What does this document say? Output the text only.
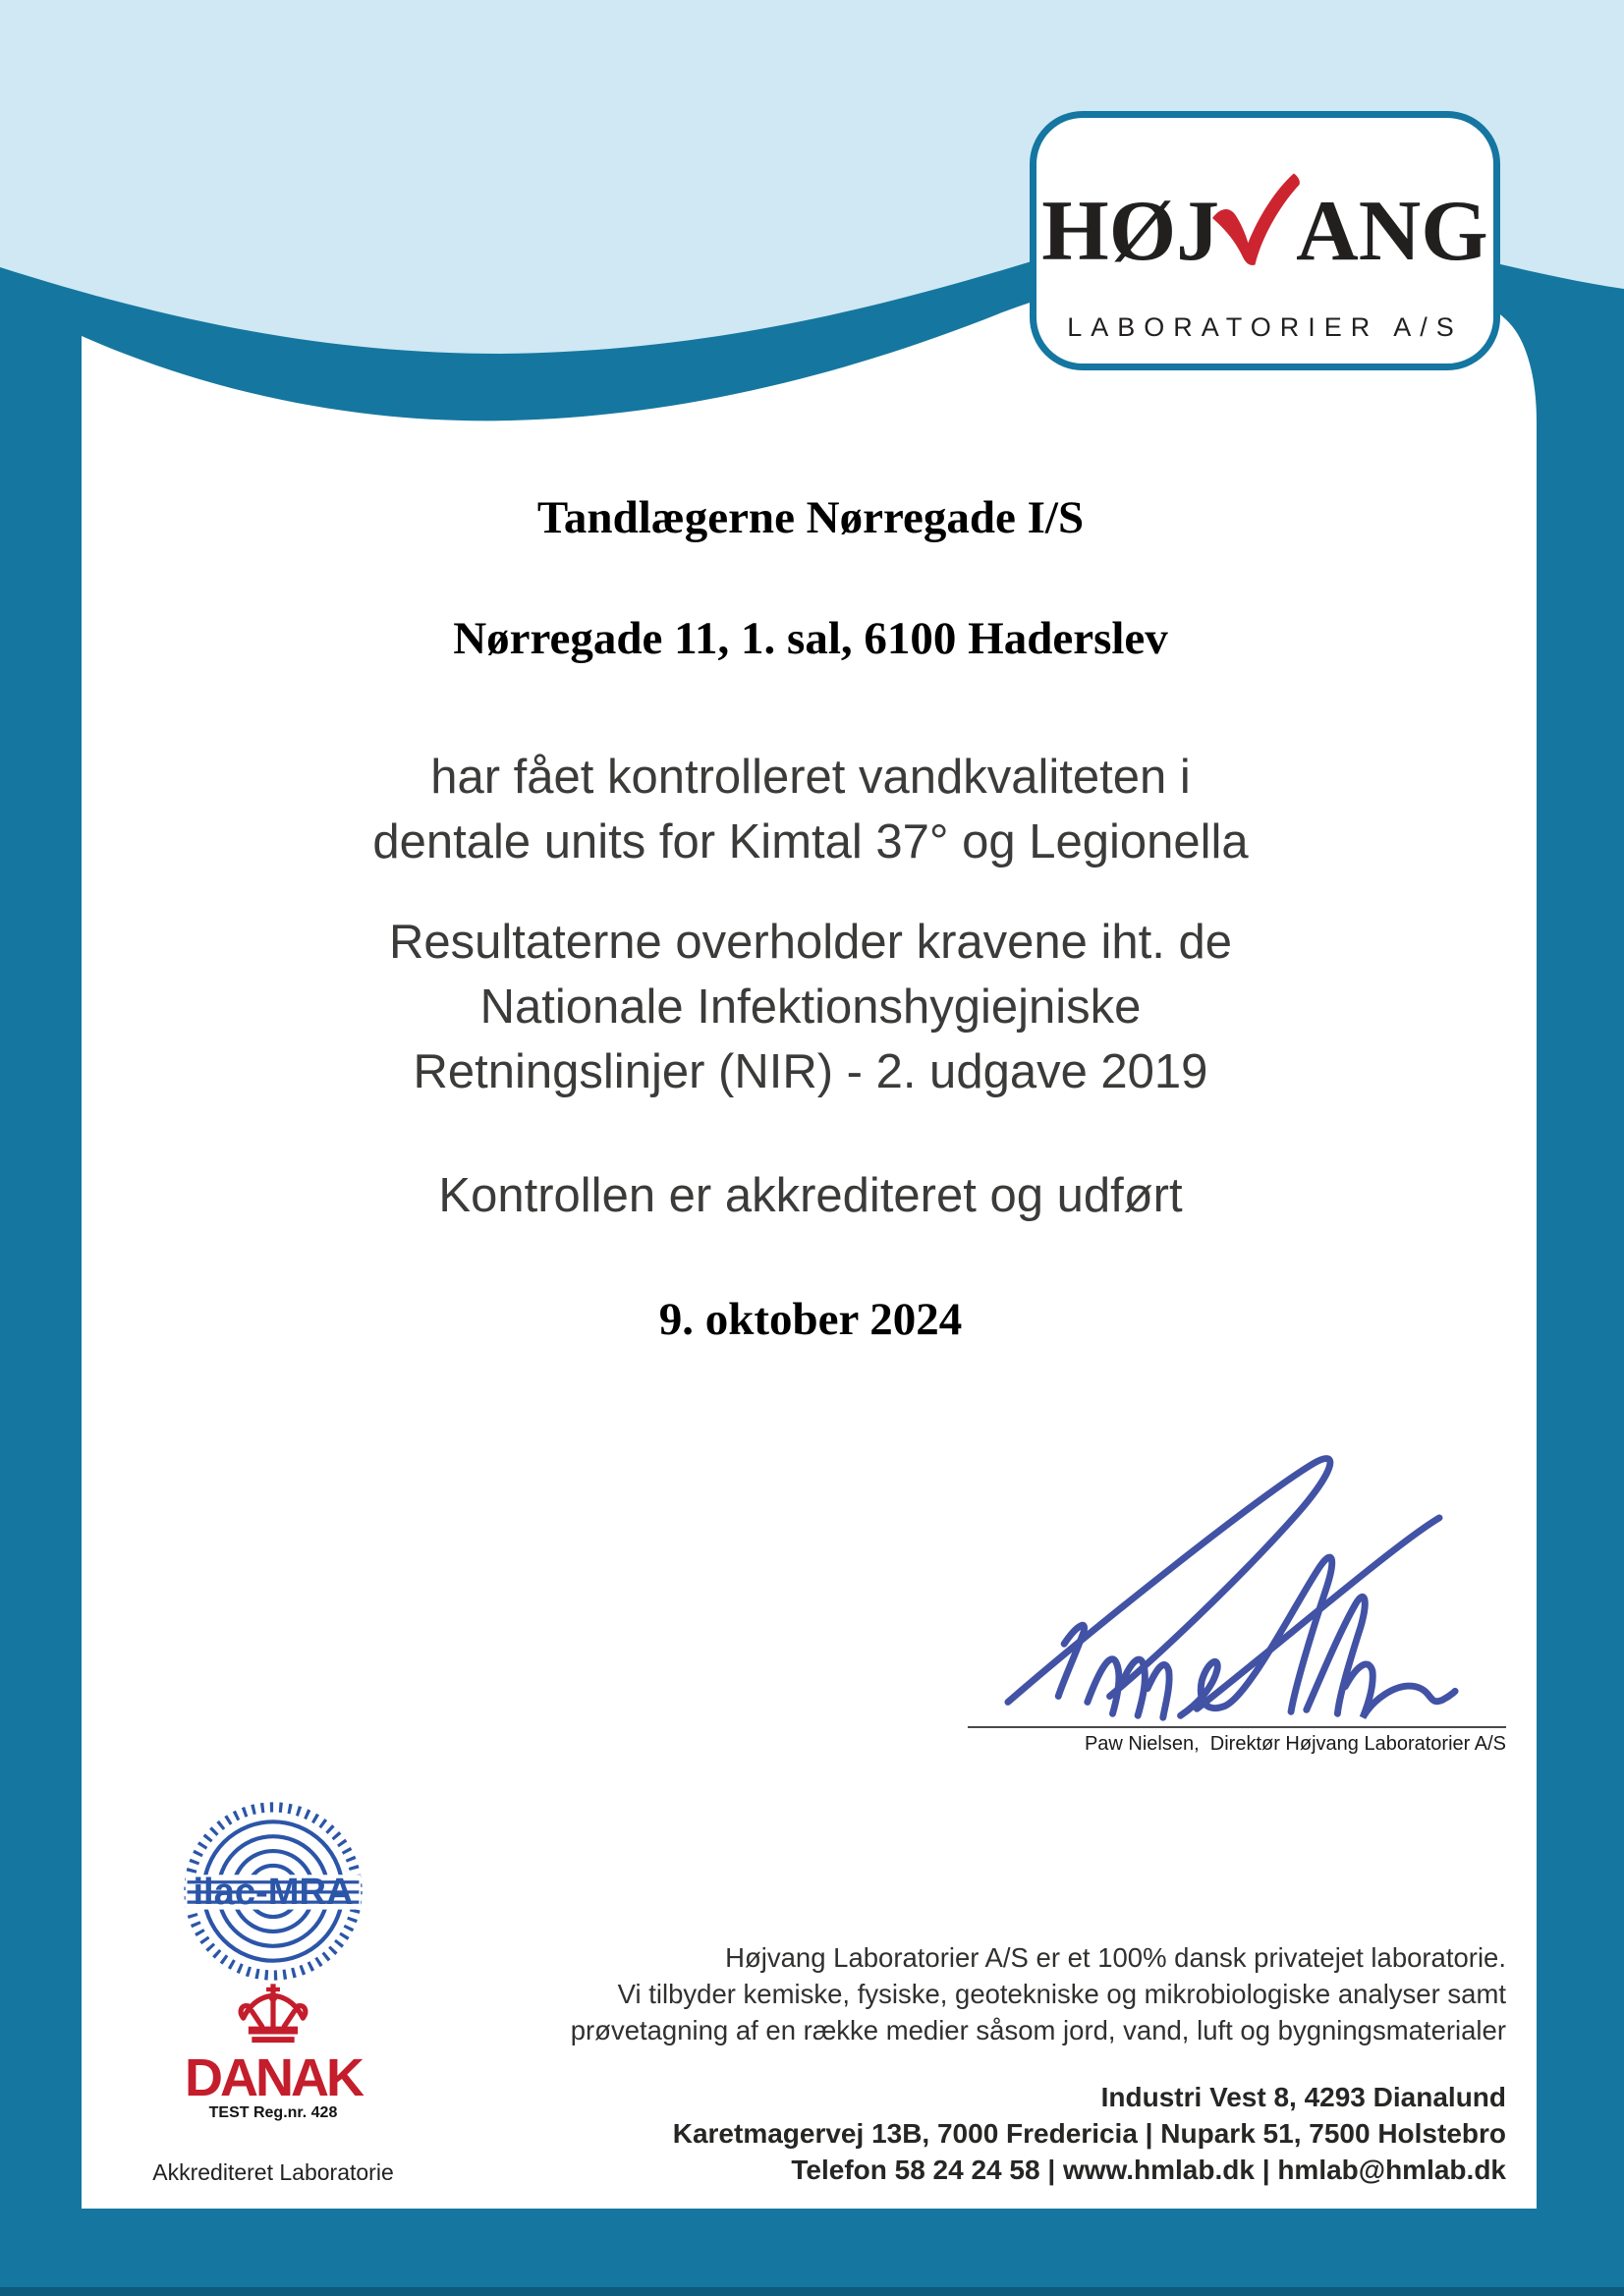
HØJ ANG
LABORATORIER A/S
Tandlægerne Nørregade I/S
Nørregade 11, 1. sal, 6100 Haderslev
har fået kontrolleret vandkvaliteten i
dentale units for Kimtal 37° og Legionella
Resultaterne overholder kravene iht. de
Nationale Infektionshygiejniske
Retningslinjer (NIR) - 2. udgave 2019
Kontrollen er akkrediteret og udført
9. oktober 2024
Paw Nielsen,  Direktør Højvang Laboratorier A/S
ilac-MRA
DANAK
TEST Reg.nr. 428
Akkrediteret Laboratorie
Højvang Laboratorier A/S er et 100% dansk privatejet laboratorie.
Vi tilbyder kemiske, fysiske, geotekniske og mikrobiologiske analyser samt
prøvetagning af en række medier såsom jord, vand, luft og bygningsmaterialer
Industri Vest 8, 4293 Dianalund
Karetmagervej 13B, 7000 Fredericia | Nupark 51, 7500 Holstebro
Telefon 58 24 24 58 | www.hmlab.dk | hmlab@hmlab.dk
